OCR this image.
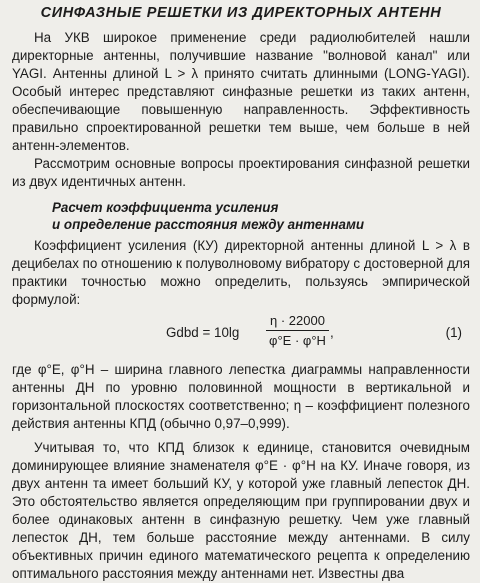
СИНФАЗНЫЕ РЕШЕТКИ ИЗ ДИРЕКТОРНЫХ АНТЕНН

На УКВ широкое применение среди радиолюбителей нашли директорные антенны, получившие название "волновой канал" или YAGI. Антенны длиной L > λ принято считать длинными (LONG-YAGI). Особый интерес представляют синфазные решетки из таких антенн, обеспечивающие повышенную направленность. Эффективность правильно спроектированной решетки тем выше, чем больше в ней антенн-элементов.

Рассмотрим основные вопросы проектирования синфазной решетки из двух идентичных антенн.

Расчет коэффициента усиления
и определение расстояния между антеннами

Коэффициент усиления (КУ) директорной антенны длиной L > λ в децибелах по отношению к полуволновому вибратору с достоверной для практики точностью можно определить, пользуясь эмпирической формулой:

Gdbd = $10\lg \frac{\eta \cdot 22000}{\varphi^\circ E \cdot \varphi^\circ H}$ ,	(1)

где φ°E, φ°H – ширина главного лепестка диаграммы направленности антенны ДН по уровню половинной мощности в вертикальной и горизонтальной плоскостях соответственно; η – коэффициент полезного действия антенны КПД (обычно 0,97–0,999).

Учитывая то, что КПД близок к единице, становится очевидным доминирующее влияние знаменателя φ°E · φ°H на КУ. Иначе говоря, из двух антенн та имеет больший КУ, у которой уже главный лепесток ДН. Это обстоятельство является определяющим при группировании двух и более одинаковых антенн в синфазную решетку. Чем уже главный лепесток ДН, тем больше расстояние между антеннами. В силу объективных причин единого математического рецепта к определению оптимального расстояния между антеннами нет. Известны два
